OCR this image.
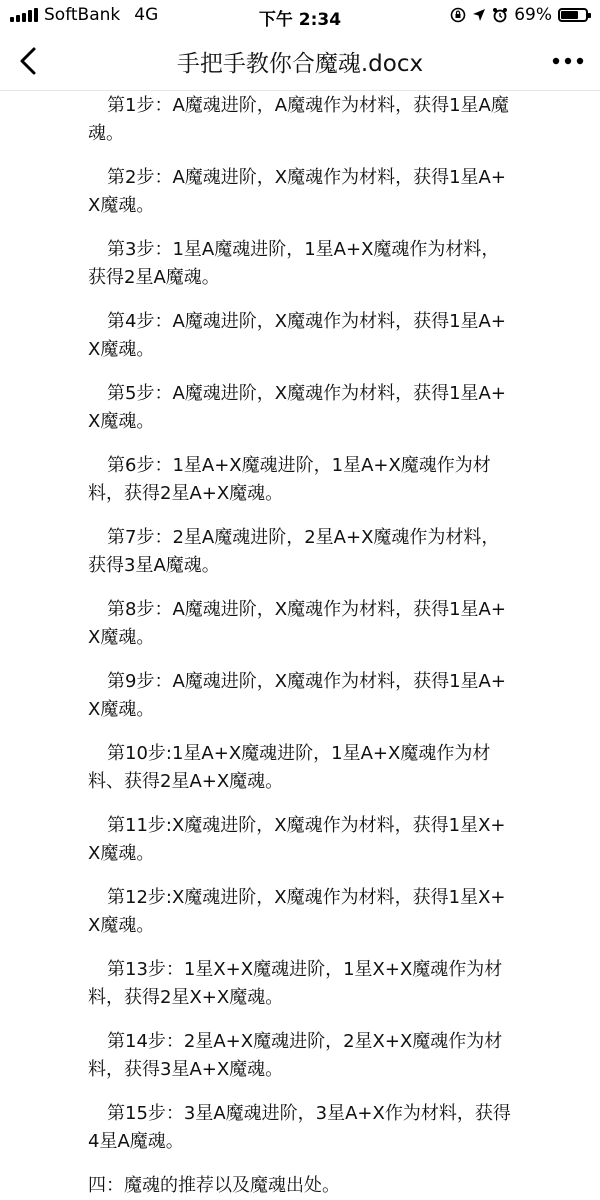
SoftBank 4G	下午 2:34	69%
手把手教你合魔魂.docx

第1步：A魔魂进阶，A魔魂作为材料，获得1星A魔魂。

第2步：A魔魂进阶，X魔魂作为材料，获得1星A+X魔魂。

第3步：1星A魔魂进阶，1星A+X魔魂作为材料，获得2星A魔魂。

第4步：A魔魂进阶，X魔魂作为材料，获得1星A+X魔魂。

第5步：A魔魂进阶，X魔魂作为材料，获得1星A+X魔魂。

第6步：1星A+X魔魂进阶，1星A+X魔魂作为材料，获得2星A+X魔魂。

第7步：2星A魔魂进阶，2星A+X魔魂作为材料，获得3星A魔魂。

第8步：A魔魂进阶，X魔魂作为材料，获得1星A+X魔魂。

第9步：A魔魂进阶，X魔魂作为材料，获得1星A+X魔魂。

第10步:1星A+X魔魂进阶，1星A+X魔魂作为材料、获得2星A+X魔魂。

第11步:X魔魂进阶，X魔魂作为材料，获得1星X+X魔魂。

第12步:X魔魂进阶，X魔魂作为材料，获得1星X+X魔魂。

第13步：1星X+X魔魂进阶，1星X+X魔魂作为材料，获得2星X+X魔魂。

第14步：2星A+X魔魂进阶，2星X+X魔魂作为材料，获得3星A+X魔魂。

第15步：3星A魔魂进阶，3星A+X作为材料，获得4星A魔魂。

四：魔魂的推荐以及魔魂出处。
